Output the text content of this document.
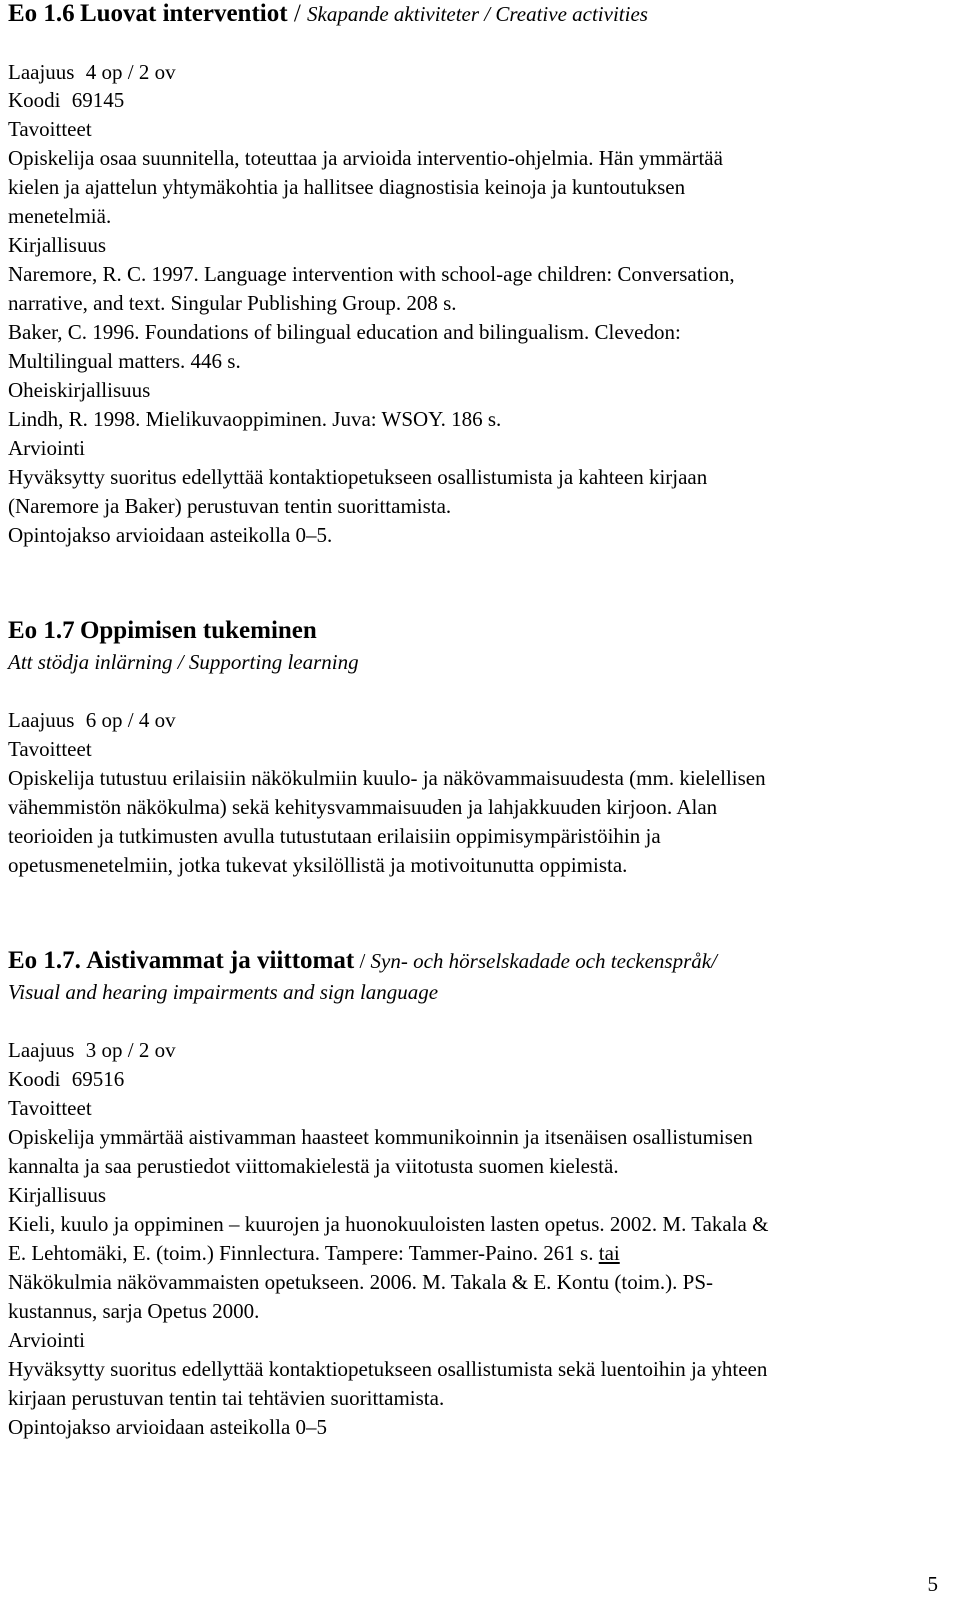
Eo 1.6 Luovat interventiot / Skapande aktiviteter / Creative activities
Laajuus 4 op / 2 ov
Koodi 69145
Tavoitteet
Opiskelija osaa suunnitella, toteuttaa ja arvioida interventio-ohjelmia. Hän ymmärtää
kielen ja ajattelun yhtymäkohtia ja hallitsee diagnostisia keinoja ja kuntoutuksen
menetelmiä.
Kirjallisuus
Naremore, R. C. 1997. Language intervention with school-age children: Conversation,
narrative, and text. Singular Publishing Group. 208 s.
Baker, C. 1996. Foundations of bilingual education and bilingualism. Clevedon:
Multilingual matters. 446 s.
Oheiskirjallisuus
Lindh, R. 1998. Mielikuvaoppiminen. Juva: WSOY. 186 s.
Arviointi
Hyväksytty suoritus edellyttää kontaktiopetukseen osallistumista ja kahteen kirjaan
(Naremore ja Baker) perustuvan tentin suorittamista.
Opintojakso arvioidaan asteikolla 0–5.
Eo 1.7 Oppimisen tukeminen
Att stödja inlärning / Supporting learning
Laajuus 6 op / 4 ov
Tavoitteet
Opiskelija tutustuu erilaisiin näkökulmiin kuulo- ja näkövammaisuudesta (mm. kielellisen
vähemmistön näkökulma) sekä kehitysvammaisuuden ja lahjakkuuden kirjoon. Alan
teorioiden ja tutkimusten avulla tutustutaan erilaisiin oppimisympäristöihin ja
opetusmenetelmiin, jotka tukevat yksilöllistä ja motivoitunutta oppimista.
Eo 1.7. Aistivammat ja viittomat / Syn- och hörselskadade och teckenspråk/
Visual and hearing impairments and sign language
Laajuus 3 op / 2 ov
Koodi 69516
Tavoitteet
Opiskelija ymmärtää aistivamman haasteet kommunikoinnin ja itsenäisen osallistumisen
kannalta ja saa perustiedot viittomakielestä ja viitotusta suomen kielestä.
Kirjallisuus
Kieli, kuulo ja oppiminen – kuurojen ja huonokuuloisten lasten opetus. 2002. M. Takala &
E. Lehtomäki, E. (toim.) Finnlectura. Tampere: Tammer-Paino. 261 s. tai
Näkökulmia näkövammaisten opetukseen. 2006. M. Takala & E. Kontu (toim.). PS-
kustannus, sarja Opetus 2000.
Arviointi
Hyväksytty suoritus edellyttää kontaktiopetukseen osallistumista sekä luentoihin ja yhteen
kirjaan perustuvan tentin tai tehtävien suorittamista.
Opintojakso arvioidaan asteikolla 0–5
5
